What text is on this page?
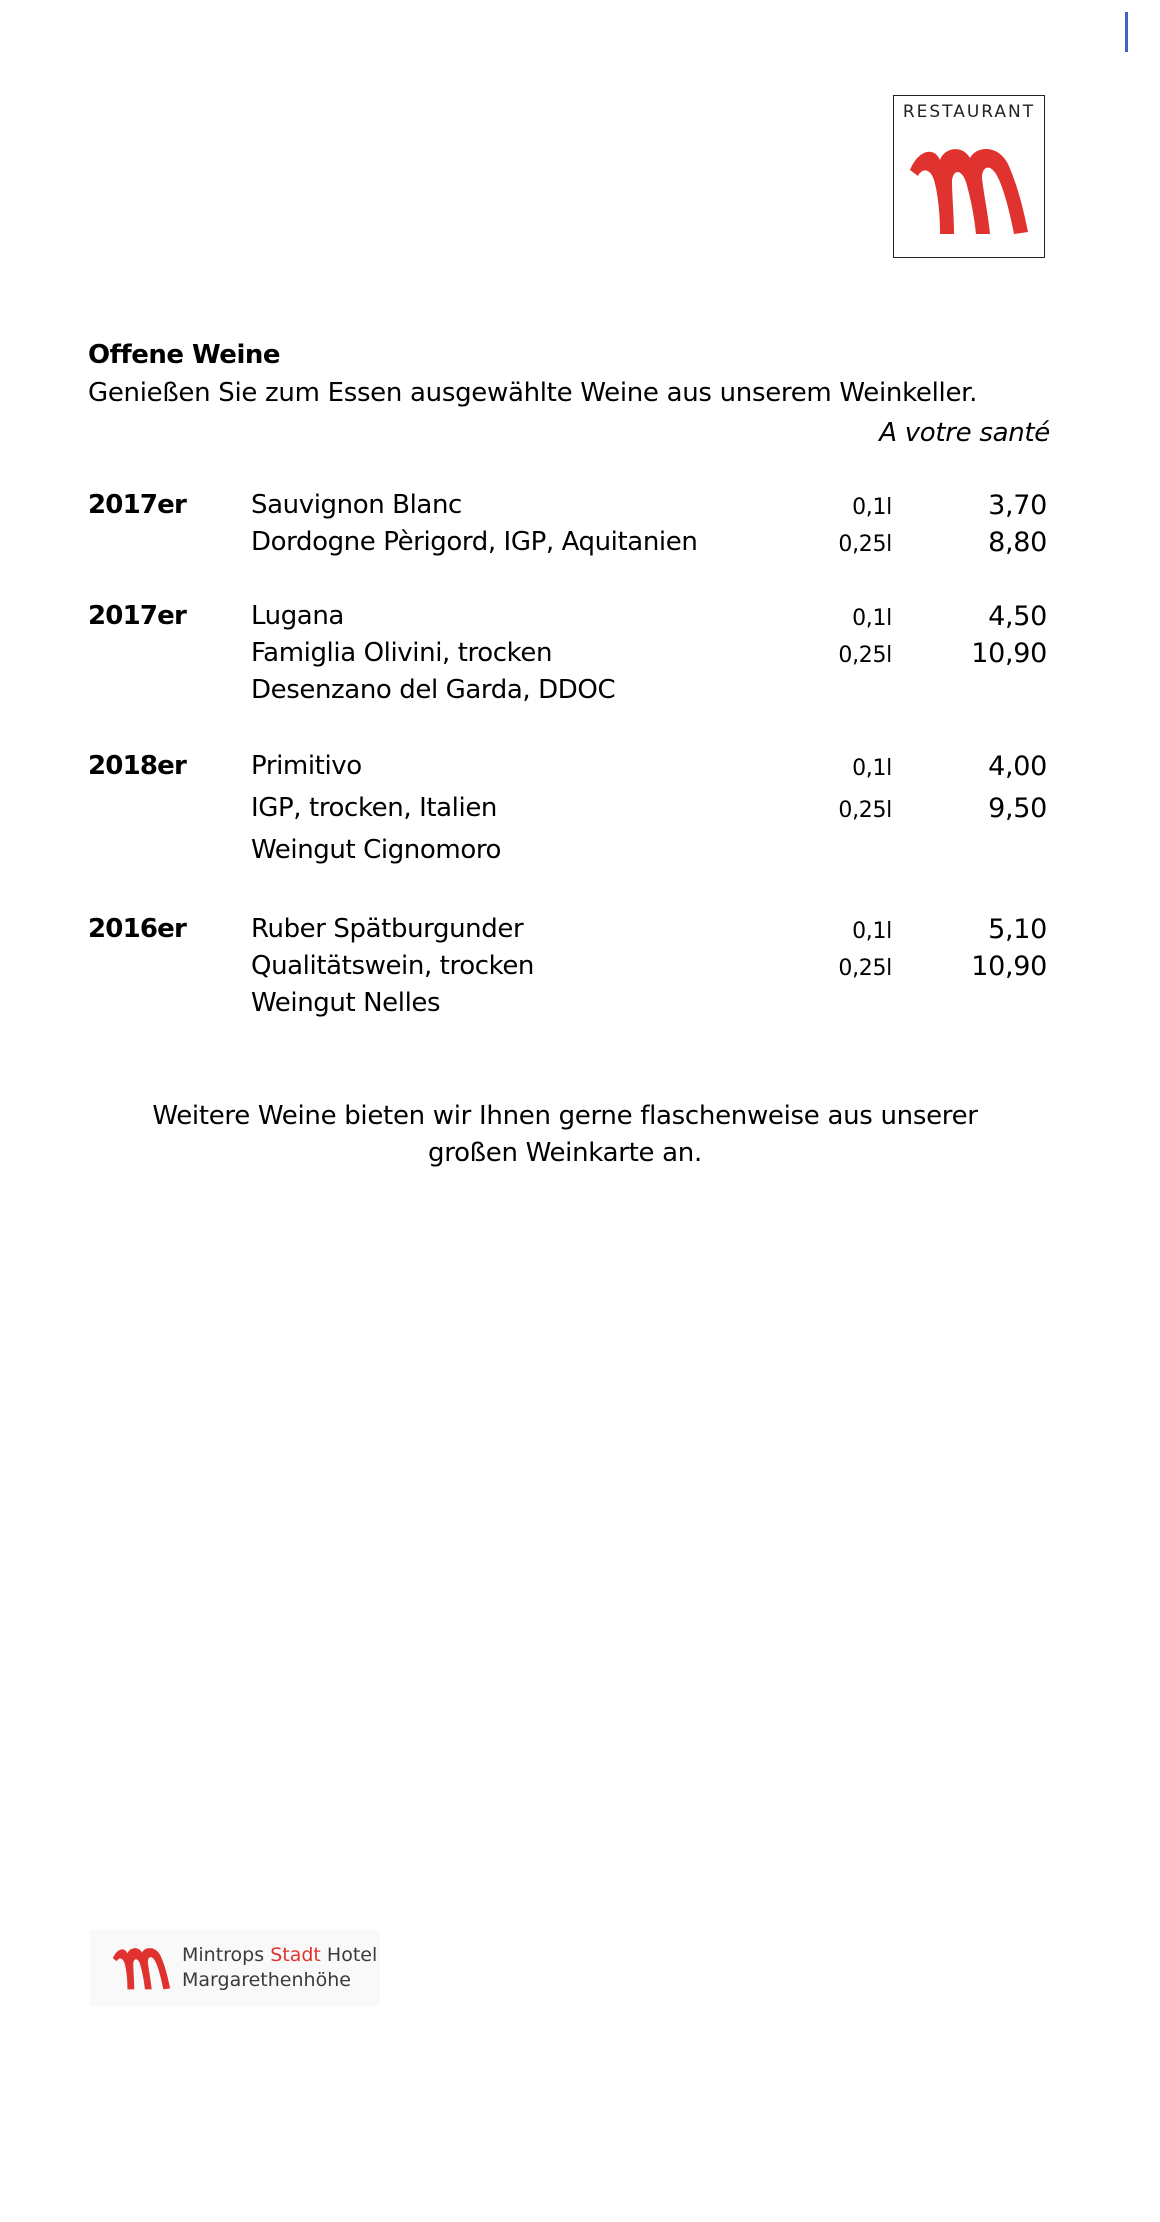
RESTAURANT
Offene Weine
Genießen Sie zum Essen ausgewählte Weine aus unserem Weinkeller.
A votre santé
2017er Sauvignon Blanc
Dordogne Pèrigord, IGP, Aquitanien
0,1l
0,25l
3,70
8,80
2017er Lugana
Famiglia Olivini, trocken
Desenzano del Garda, DDOC
0,1l
0,25l
4,50
10,90
2018er Primitivo
IGP, trocken, Italien
Weingut Cignomoro
0,1l
0,25l
4,00
9,50
2016er Ruber Spätburgunder
Qualitätswein, trocken
Weingut Nelles
0,1l
0,25l
5,10
10,90
Weitere Weine bieten wir Ihnen gerne flaschenweise aus unserer
großen Weinkarte an.
Mintrops Stadt Hotel
Margarethenhöhe
